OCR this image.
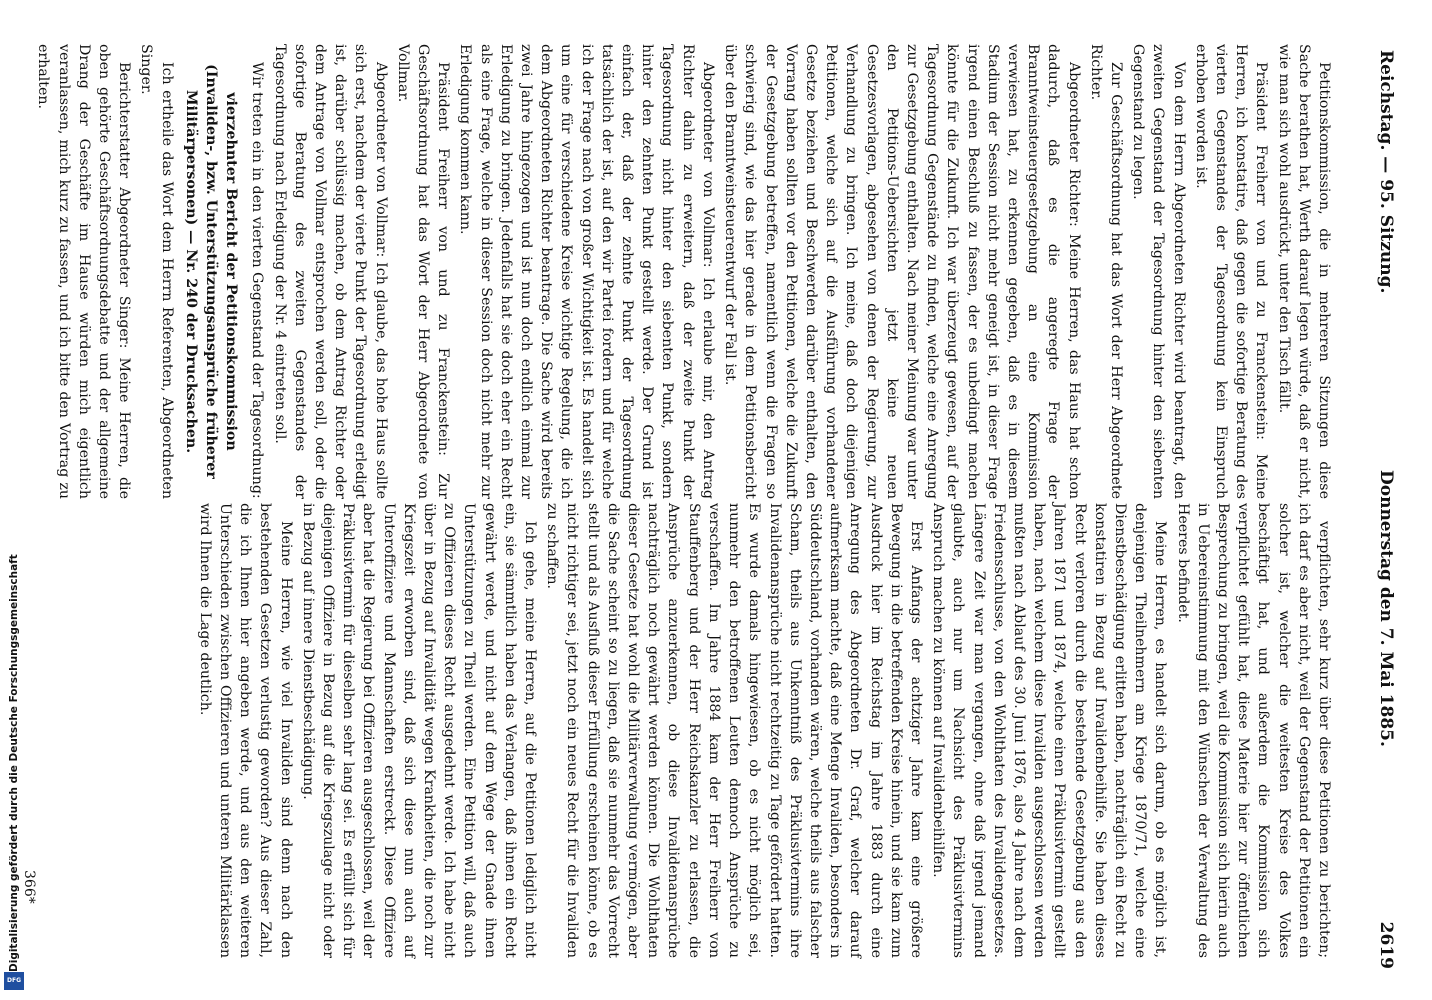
Reichstag. — 95. Sitzung.
Donnerstag den 7. Mai 1885.
2619

Petitionskommission, die in mehreren Sitzungen diese Sache berathen hat, Werth darauf legen würde, daß er nicht, wie man sich wohl ausdrückt, unter den Tisch fällt.

Präsident Freiherr von und zu Franckenstein: Meine Herren, ich konstatire, daß gegen die sofortige Beratung des vierten Gegenstandes der Tagesordnung kein Einspruch erhoben worden ist.

Von dem Herrn Abgeordneten Richter wird beantragt, den zweiten Gegenstand der Tagesordnung hinter den siebenten Gegenstand zu legen.

Zur Geschäftsordnung hat das Wort der Herr Abgeordnete Richter.

Abgeordneter Richter: Meine Herren, das Haus hat schon dadurch, daß es die angeregte Frage der Branntweinsteuergesetzgebung an eine Kommission verwiesen hat, zu erkennen gegeben, daß es in diesem Stadium der Session nicht mehr geneigt ist, in dieser Frage irgend einen Beschluß zu fassen, der es unbedingt machen könnte für die Zukunft. Ich war überzeugt gewesen, auf der Tagesordnung Gegenstände zu finden, welche eine Anregung zur Gesetzgebung enthalten. Nach meiner Meinung war unter den Petitions-Uebersichten jetzt keine neuen Gesetzesvorlagen, abgesehen von denen der Regierung, zur Verhandlung zu bringen. Ich meine, daß doch diejenigen Petitionen, welche sich auf die Ausführung vorhandener Gesetze beziehen und Beschwerden darüber enthalten, den Vorrang haben sollten vor den Petitionen, welche die Zukunft der Gesetzgebung betreffen, namentlich wenn die Fragen so schwierig sind, wie das hier gerade in dem Petitionsbericht über den Branntweinsteuerentwurf der Fall ist.

Abgeordneter von Vollmar: Ich erlaube mir, den Antrag Richter dahin zu erweitern, daß der zweite Punkt der Tagesordnung nicht hinter den siebenten Punkt, sondern hinter den zehnten Punkt gestellt werde. Der Grund ist einfach der, daß der zehnte Punkt der Tagesordnung tatsächlich der ist, auf den wir Partei fordern und für welche ich der Frage nach von großer Wichtigkeit ist. Es handelt sich um eine für verschiedene Kreise wichtige Regelung, die ich dem Abgeordneten Richter beantrage. Die Sache wird bereits zwei Jahre hingezogen und ist nun doch endlich einmal zur Erledigung zu bringen. Jedenfalls hat sie doch eher ein Recht als eine Frage, welche in dieser Session doch nicht mehr zur Erledigung kommen kann.

Präsident Freiherr von und zu Franckenstein: Zur Geschäftsordnung hat das Wort der Herr Abgeordnete von Vollmar.

Abgeordneter von Vollmar: Ich glaube, das hohe Haus sollte sich erst, nachdem der vierte Punkt der Tagesordnung erledigt ist, darüber schlüssig machen, ob dem Antrag Richter oder dem Antrage von Vollmar entsprochen werden soll, oder die sofortige Beratung des zweiten Gegenstandes der Tagesordnung nach Erledigung der Nr. 4 eintreten soll.

Wir treten ein in den vierten Gegenstand der Tagesordnung:

vierzehnter Bericht der Petitionskommission (Invaliden-, bzw. Unterstützungsansprüche früherer Militärpersonen) — Nr. 240 der Drucksachen.

Ich ertheile das Wort dem Herrn Referenten, Abgeordneten Singer.

Berichterstatter Abgeordneter Singer: Meine Herren, die oben gehörte Geschäftsordnungsdebatte und der allgemeine Drang der Geschäfte im Hause würden mich eigentlich veranlassen, mich kurz zu fassen, und ich bitte den Vortrag zu erhalten.

verpflichten, sehr kurz über diese Petitionen zu berichten; ich darf es aber nicht, weil der Gegenstand der Petitionen ein solcher ist, welcher die weitesten Kreise des Volkes beschäftigt hat, und außerdem die Kommission sich verpflichtet gefühlt hat, diese Materie hier zur öffentlichen Besprechung zu bringen, weil die Kommission sich hierin auch in Uebereinstimmung mit den Wünschen der Verwaltung des Heeres befindet.

Meine Herren, es handelt sich darum, ob es möglich ist, denjenigen Theilnehmern am Kriege 1870/71, welche eine Dienstbeschädigung erlitten haben, nachträglich ein Recht zu konstatiren in Bezug auf Invalidenbeihilfe. Sie haben dieses Recht verloren durch die bestehende Gesetzgebung aus den Jahren 1871 und 1874, welche einen Präklusivtermin gestellt haben, nach welchem diese Invaliden ausgeschlossen werden mußten nach Ablauf des 30. Juni 1876, also 4 Jahre nach dem Friedensschlusse, von den Wohlthaten des Invalidengesetzes. Längere Zeit war man vergangen, ohne daß irgend jemand glaubte, auch nur um Nachsicht des Präklusivtermins Anspruch machen zu können auf Invalidenbeihilfen.

Erst Anfangs der achtziger Jahre kam eine größere Bewegung in die betreffenden Kreise hinein, und sie kam zum Ausdruck hier im Reichstag im Jahre 1883 durch eine Anregung des Abgeordneten Dr. Graf, welcher darauf aufmerksam machte, daß eine Menge Invaliden, besonders in Süddeutschland, vorhanden wären, welche theils aus falscher Scham, theils aus Unkenntniß des Präklusivtermins ihre Invalidenansprüche nicht rechtzeitig zu Tage gefördert hatten. Es wurde damals hingewiesen, ob es nicht möglich sei, nunmehr den betroffenen Leuten dennoch Ansprüche zu verschaffen. Im Jahre 1884 kam der Herr Freiherr von Stauffenberg und der Herr Reichskanzler zu erlassen, die Ansprüche anzuerkennen, ob diese Invalidenansprüche nachträglich noch gewährt werden können. Die Wohlthaten dieser Gesetze hat wohl die Militärverwaltung vermögen, aber die Sache scheint so zu liegen, daß sie nunmehr das Vorrecht stellt und als Ausfluß dieser Erfüllung erscheinen könne, ob es nicht richtiger sei, jetzt noch ein neues Recht für die Invaliden zu schaffen.

Ich gehe, meine Herren, auf die Petitionen lediglich nicht ein, sie sämmtlich haben das Verlangen, daß ihnen ein Recht gewährt werde, und nicht auf dem Wege der Gnade ihnen Unterstützungen zu Theil werden. Eine Petition will, daß auch zu Offizieren dieses Recht ausgedehnt werde. Ich habe nicht über in Bezug auf Invalidität wegen Krankheiten, die noch zur Kriegszeit erworben sind, daß sich diese nun auch auf Unteroffiziere und Mannschaften erstreckt. Diese Offiziere aber hat die Regierung bei Offizieren ausgeschlossen, weil der Präklusivtermin für dieselben sehr lang sei. Es erfüllt sich für diejenigen Offiziere in Bezug auf die Kriegszulage nicht oder in Bezug auf innere Dienstbeschädigung.

Meine Herren, wie viel Invaliden sind denn nach den bestehenden Gesetzen verlustig geworden? Aus dieser Zahl, die ich Ihnen hier angeben werde, und aus den weiteren Unterschieden zwischen Offizieren und unteren Militärklassen wird Ihnen die Lage deutlich.

366*
Digitalisierung gefördert durch die Deutsche Forschungsgemeinschaft
DFG
